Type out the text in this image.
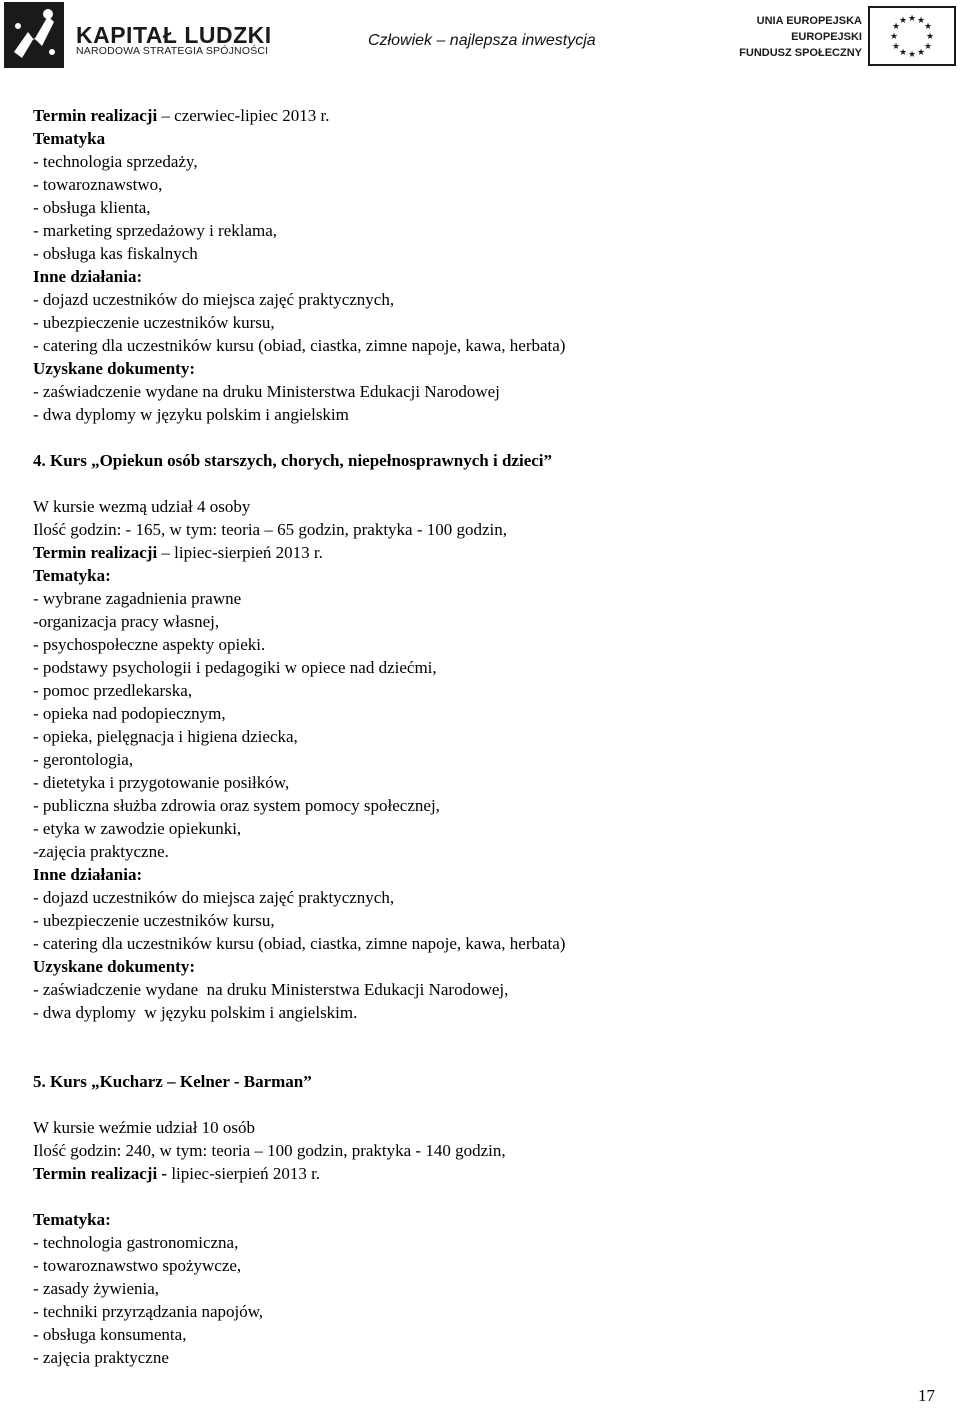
KAPITAŁ LUDZKI
NARODOWA STRATEGIA SPÓJNOŚCI
Człowiek – najlepsza inwestycja
UNIA EUROPEJSKA
EUROPEJSKI
FUNDUSZ SPOŁECZNY
★ ★
★
★
★
★
★
★
★
★
★
★

Termin realizacji – czerwiec-lipiec 2013 r.

Tematyka

- technologia sprzedaży,

- towaroznawstwo,

- obsługa klienta,

- marketing sprzedażowy i reklama,

- obsługa kas fiskalnych

Inne działania:

- dojazd uczestników do miejsca zajęć praktycznych,

- ubezpieczenie uczestników kursu,

- catering dla uczestników kursu (obiad, ciastka, zimne napoje, kawa, herbata)

Uzyskane dokumenty:

- zaświadczenie wydane na druku Ministerstwa Edukacji Narodowej

- dwa dyplomy w języku polskim i angielskim

4. Kurs „Opiekun osób starszych, chorych, niepełnosprawnych i dzieci”

W kursie wezmą udział 4 osoby

Ilość godzin: - 165, w tym: teoria – 65 godzin, praktyka - 100 godzin,

Termin realizacji – lipiec-sierpień 2013 r.

Tematyka:

- wybrane zagadnienia prawne

-organizacja pracy własnej,

- psychospołeczne aspekty opieki.

- podstawy psychologii i pedagogiki w opiece nad dziećmi,

- pomoc przedlekarska,

- opieka nad podopiecznym,

- opieka, pielęgnacja i higiena dziecka,

- gerontologia,

- dietetyka i przygotowanie posiłków,

- publiczna służba zdrowia oraz system pomocy społecznej,

- etyka w zawodzie opiekunki,

-zajęcia praktyczne.

Inne działania:

- dojazd uczestników do miejsca zajęć praktycznych,

- ubezpieczenie uczestników kursu,

- catering dla uczestników kursu (obiad, ciastka, zimne napoje, kawa, herbata)

Uzyskane dokumenty:

- zaświadczenie wydane  na druku Ministerstwa Edukacji Narodowej,

- dwa dyplomy  w języku polskim i angielskim.

5. Kurs „Kucharz – Kelner - Barman”

W kursie weźmie udział 10 osób

Ilość godzin: 240, w tym: teoria – 100 godzin, praktyka - 140 godzin,

Termin realizacji - lipiec-sierpień 2013 r.

Tematyka:

- technologia gastronomiczna,

- towaroznawstwo spożywcze,

- zasady żywienia,

- techniki przyrządzania napojów,

- obsługa konsumenta,

- zajęcia praktyczne

17
